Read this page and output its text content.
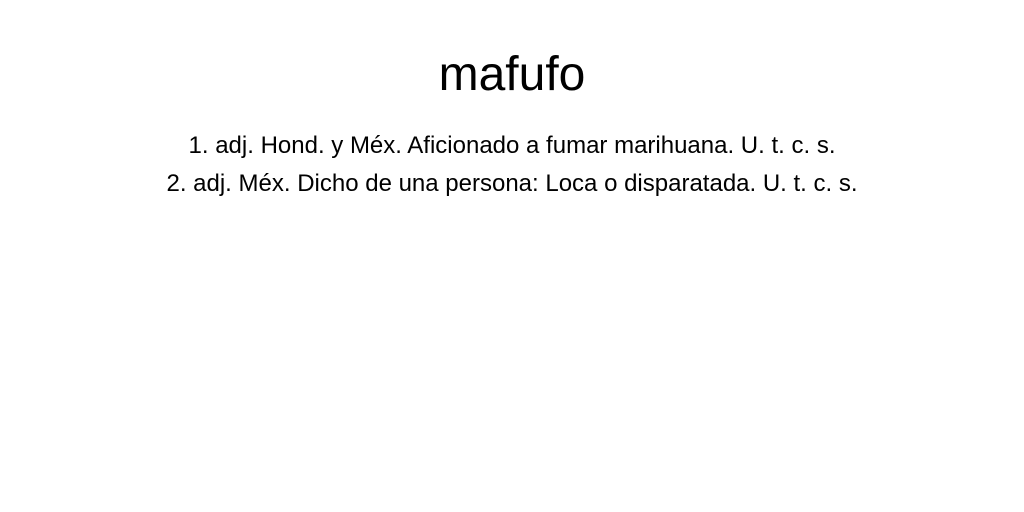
mafufo
1. adj. Hond. y Méx. Aficionado a fumar marihuana. U. t. c. s.
2. adj. Méx. Dicho de una persona: Loca o disparatada. U. t. c. s.
